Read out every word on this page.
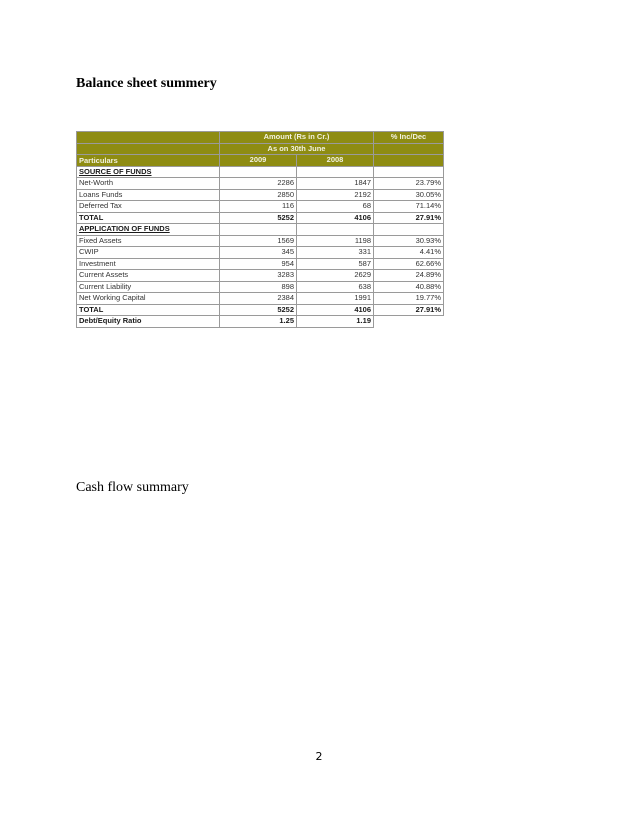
Balance sheet summery
	Amount (Rs in Cr.)		% Inc/Dec
	As on 30th June		
Particulars	2009	2008	
SOURCE OF FUNDS			
Net-Worth	2286	1847	23.79%
Loans Funds	2850	2192	30.05%
Deferred Tax	116	68	71.14%
TOTAL	5252	4106	27.91%
APPLICATION OF FUNDS			
Fixed Assets	1569	1198	30.93%
CWIP	345	331	4.41%
Investment	954	587	62.66%
Current Assets	3283	2629	24.89%
Current Liability	898	638	40.88%
Net Working Capital	2384	1991	19.77%
TOTAL	5252	4106	27.91%
Debt/Equity Ratio	1.25	1.19	
Cash flow summary
2
